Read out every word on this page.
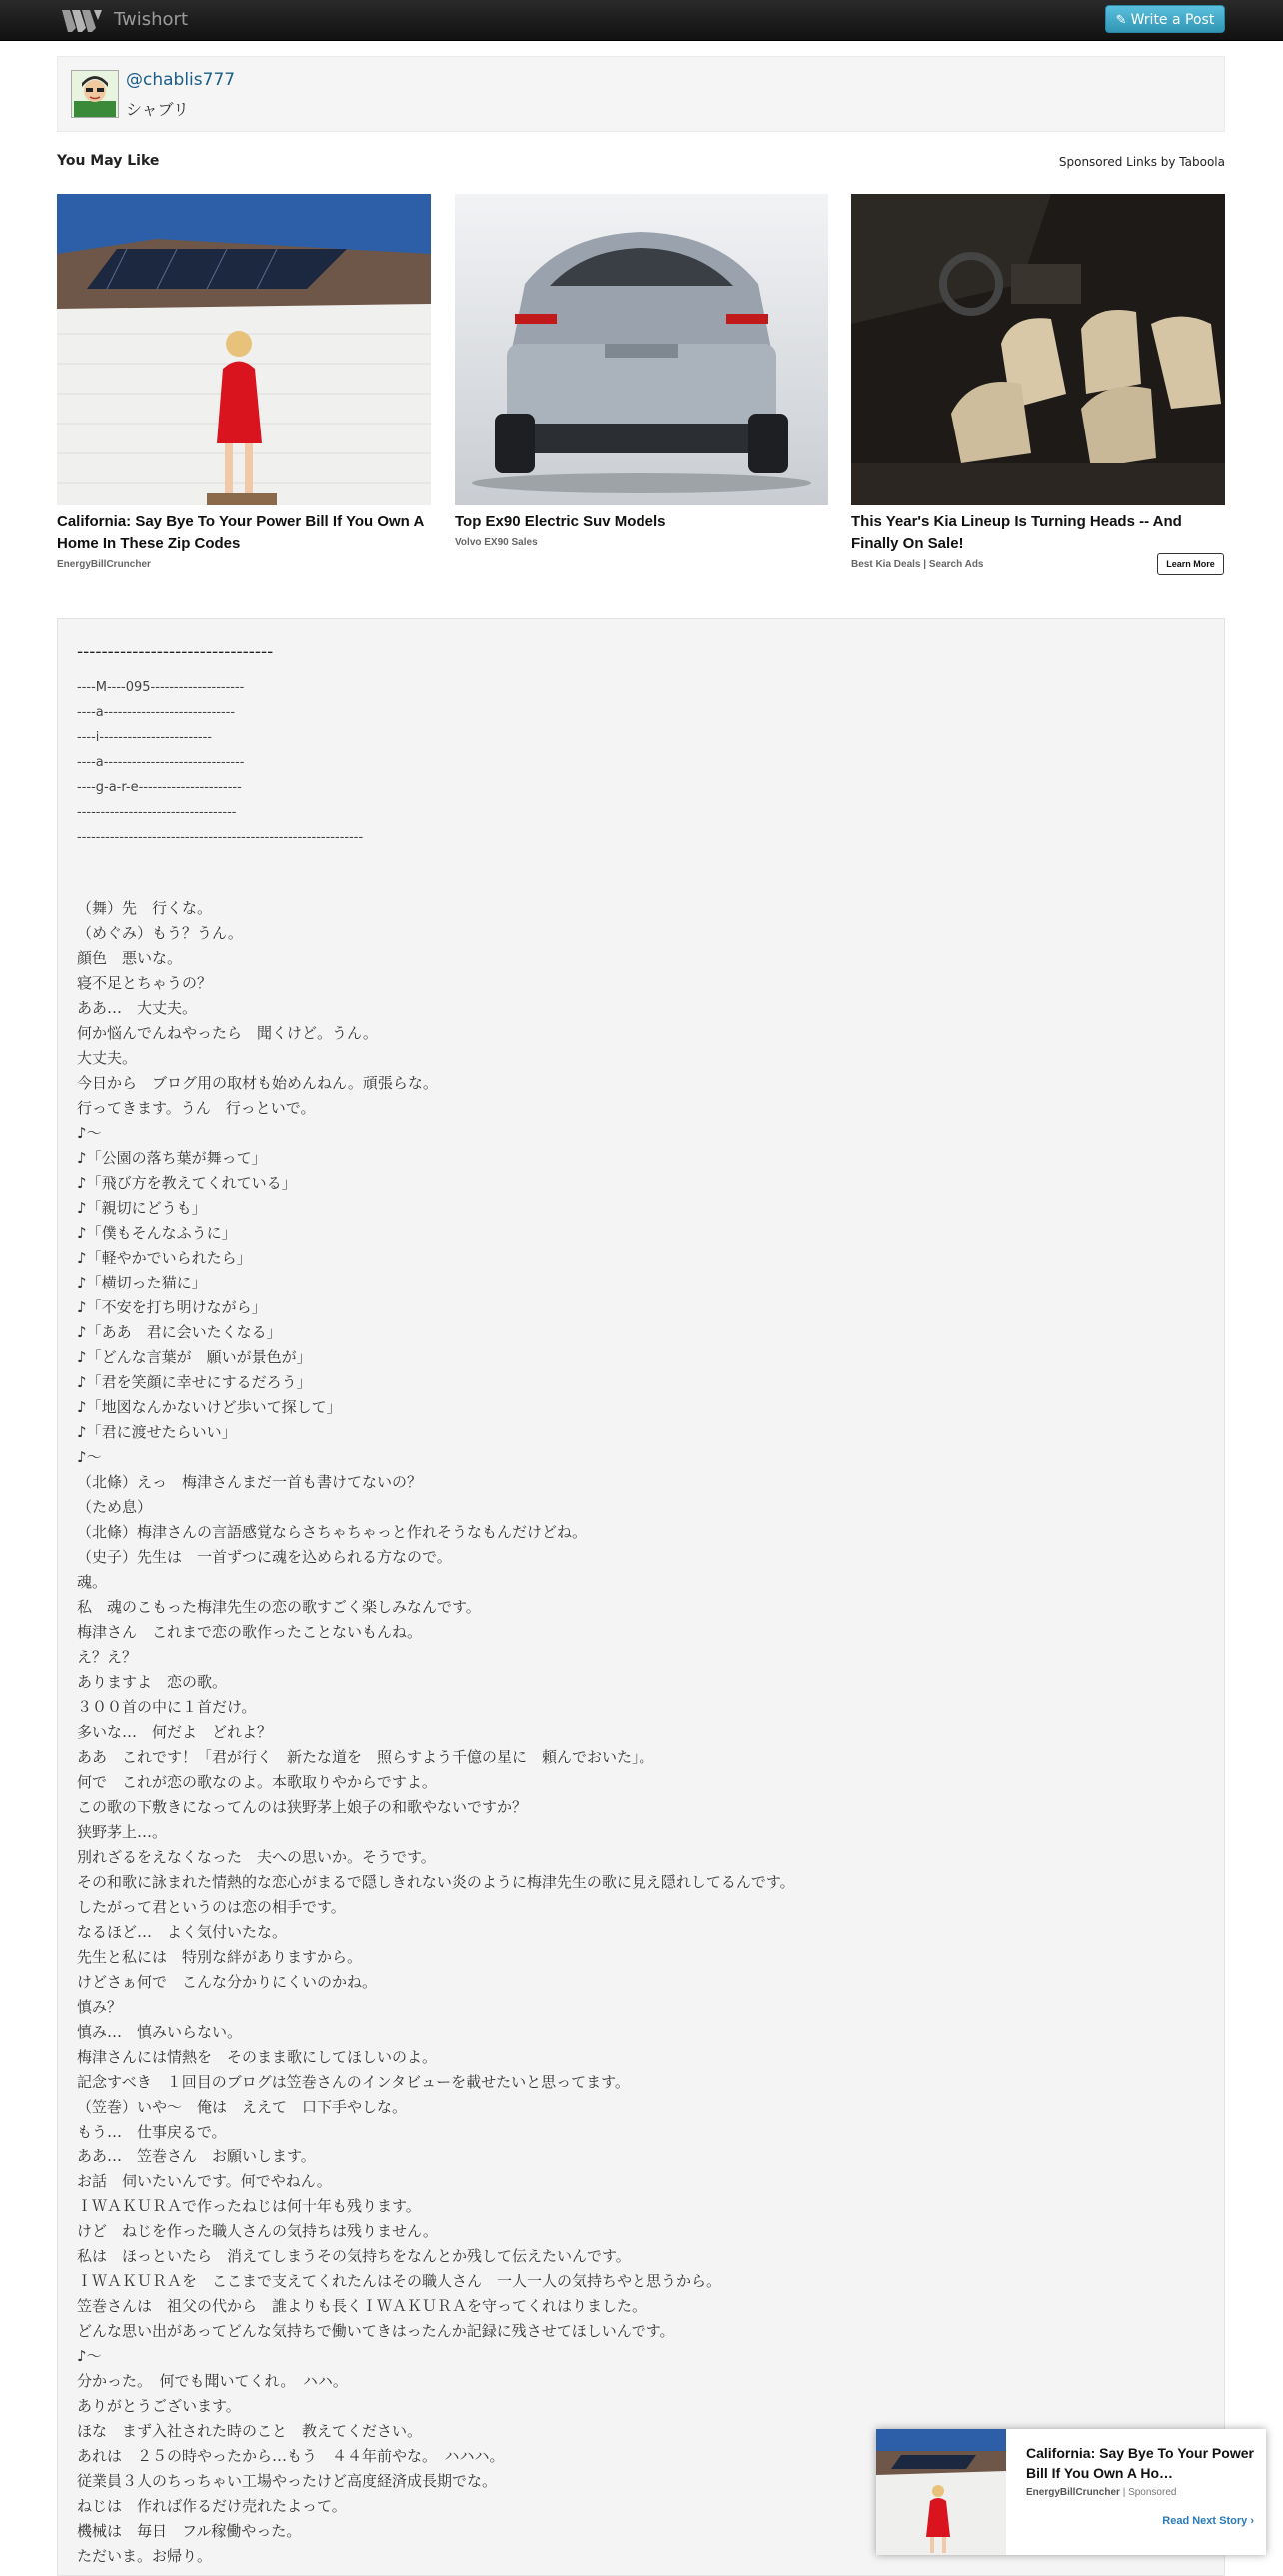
Twishort	✎ Write a Post
@chablis777
シャブリ
You May Like	Sponsored Links by Taboola
California: Say Bye To Your Power Bill If You Own A Home In These Zip Codes
EnergyBillCruncher
Top Ex90 Electric Suv Models
Volvo EX90 Sales
This Year's Kia Lineup Is Turning Heads -- And Finally On Sale!
Best Kia Deals | Search Ads	Learn More
--------------------------------
----M----095--------------------
----a----------------------------
----i------------------------
----a------------------------------
----g-a-r-e----------------------
----------------------------------
-------------------------------------------------------------
（舞）先　行くな。
（めぐみ）もう？うん。
顔色　悪いな。
寝不足とちゃうの？
ああ…　大丈夫。
何か悩んでんねやったら　聞くけど。うん。
大丈夫。
今日から　ブログ用の取材も始めんねん。頑張らな。
行ってきます。うん　行っといで。
♪～
♪「公園の落ち葉が舞って」
♪「飛び方を教えてくれている」
♪「親切にどうも」
♪「僕もそんなふうに」
♪「軽やかでいられたら」
♪「横切った猫に」
♪「不安を打ち明けながら」
♪「ああ　君に会いたくなる」
♪「どんな言葉が　願いが景色が」
♪「君を笑顔に幸せにするだろう」
♪「地図なんかないけど歩いて探して」
♪「君に渡せたらいい」
♪～
（北條）えっ　梅津さんまだ一首も書けてないの？
（ため息）
（北條）梅津さんの言語感覚ならさちゃちゃっと作れそうなもんだけどね。
（史子）先生は　一首ずつに魂を込められる方なので。
魂。
私　魂のこもった梅津先生の恋の歌すごく楽しみなんです。
梅津さん　これまで恋の歌作ったことないもんね。
え？え？
ありますよ　恋の歌。
３００首の中に１首だけ。
多いな…　何だよ　どれよ？
ああ　これです！「君が行く　新たな道を　照らすよう千億の星に　頼んでおいた」。
何で　これが恋の歌なのよ。本歌取りやからですよ。
この歌の下敷きになってんのは狭野茅上娘子の和歌やないですか？
狭野茅上…。
別れざるをえなくなった　夫への思いか。そうです。
その和歌に詠まれた情熱的な恋心がまるで隠しきれない炎のように梅津先生の歌に見え隠れしてるんです。
したがって君というのは恋の相手です。
なるほど…　よく気付いたな。
先生と私には　特別な絆がありますから。
けどさぁ何で　こんな分かりにくいのかね。
慎み？
慎み…　慎みいらない。
梅津さんには情熱を　そのまま歌にしてほしいのよ。
記念すべき　１回目のブログは笠巻さんのインタビューを載せたいと思ってます。
（笠巻）いや～　俺は　ええて　口下手やしな。
もう…　仕事戻るで。
ああ…　笠巻さん　お願いします。
お話　伺いたいんです。何でやねん。
ＩＷＡＫＵＲＡで作ったねじは何十年も残ります。
けど　ねじを作った職人さんの気持ちは残りません。
私は　ほっといたら　消えてしまうその気持ちをなんとか残して伝えたいんです。
ＩＷＡＫＵＲＡを　ここまで支えてくれたんはその職人さん　一人一人の気持ちやと思うから。
笠巻さんは　祖父の代から　誰よりも長くＩＷＡＫＵＲＡを守ってくれはりました。
どんな思い出があってどんな気持ちで働いてきはったんか記録に残させてほしいんです。
♪～
分かった。　何でも聞いてくれ。　ハハ。
ありがとうございます。
ほな　まず入社された時のこと　教えてください。
あれは　２５の時やったから…もう　４４年前やな。　ハハハ。
従業員３人のちっちゃい工場やったけど高度経済成長期でな。
ねじは　作れば作るだけ売れたよって。
機械は　毎日　フル稼働やった。
ただいま。お帰り。
California: Say Bye To Your Power Bill If You Own A Ho…
EnergyBillCruncher | Sponsored
Read Next Story ›
